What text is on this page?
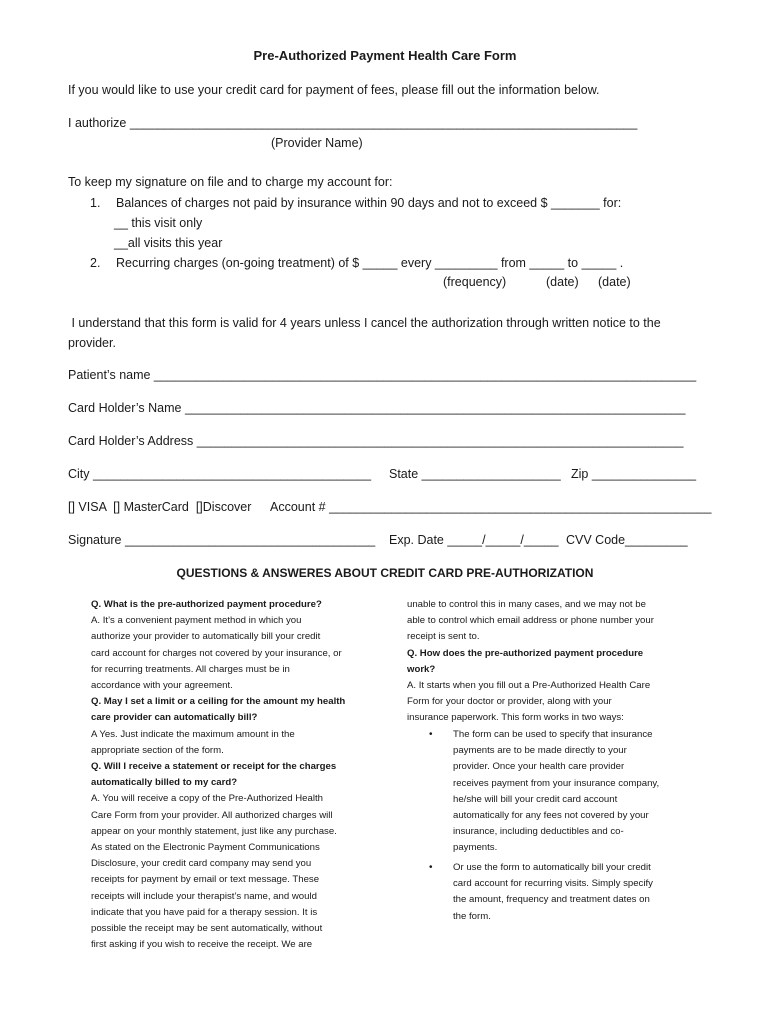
Pre-Authorized Payment Health Care Form
If you would like to use your credit card for payment of fees, please fill out the information below.
I authorize _________________________________________________________________________
(Provider Name)
To keep my signature on file and to charge my account for:
1. Balances of charges not paid by insurance within 90 days and not to exceed $ _______ for:
__ this visit only
__all visits this year
2. Recurring charges (on-going treatment) of $ _____ every _________ from _____ to _____ .
(frequency)	(date) (date)
I understand that this form is valid for 4 years unless I cancel the authorization through written notice to the
provider.
Patient’s name ______________________________________________________________________________
Card Holder’s Name ________________________________________________________________________
Card Holder’s Address ______________________________________________________________________
City ________________________________________ State ____________________ Zip _______________
[] VISA  [] MasterCard  []Discover Account # _______________________________________________________
Signature ____________________________________ Exp. Date _____/_____/_____ CVV Code_________
QUESTIONS & ANSWERES ABOUT CREDIT CARD PRE-AUTHORIZATION

Q. What is the pre-authorized payment procedure?

A. It’s a convenient payment method in which you

authorize your provider to automatically bill your credit

card account for charges not covered by your insurance, or

for recurring treatments. All charges must be in

accordance with your agreement.

Q. May I set a limit or a ceiling for the amount my health

care provider can automatically bill?

A Yes. Just indicate the maximum amount in the

appropriate section of the form.

Q. Will I receive a statement or receipt for the charges

automatically billed to my card?

A. You will receive a copy of the Pre-Authorized Health

Care Form from your provider. All authorized charges will

appear on your monthly statement, just like any purchase.

As stated on the Electronic Payment Communications

Disclosure, your credit card company may send you

receipts for payment by email or text message. These

receipts will include your therapist’s name, and would

indicate that you have paid for a therapy session. It is

possible the receipt may be sent automatically, without

first asking if you wish to receive the receipt. We are

unable to control this in many cases, and we may not be

able to control which email address or phone number your

receipt is sent to.

Q. How does the pre-authorized payment procedure

work?

A. It starts when you fill out a Pre-Authorized Health Care

Form for your doctor or provider, along with your

insurance paperwork. This form works in two ways:

• The form can be used to specify that insurance

payments are to be made directly to your

provider. Once your health care provider

receives payment from your insurance company,

he/she will bill your credit card account

automatically for any fees not covered by your

insurance, including deductibles and co-

payments.

• Or use the form to automatically bill your credit

card account for recurring visits. Simply specify

the amount, frequency and treatment dates on

the form.
